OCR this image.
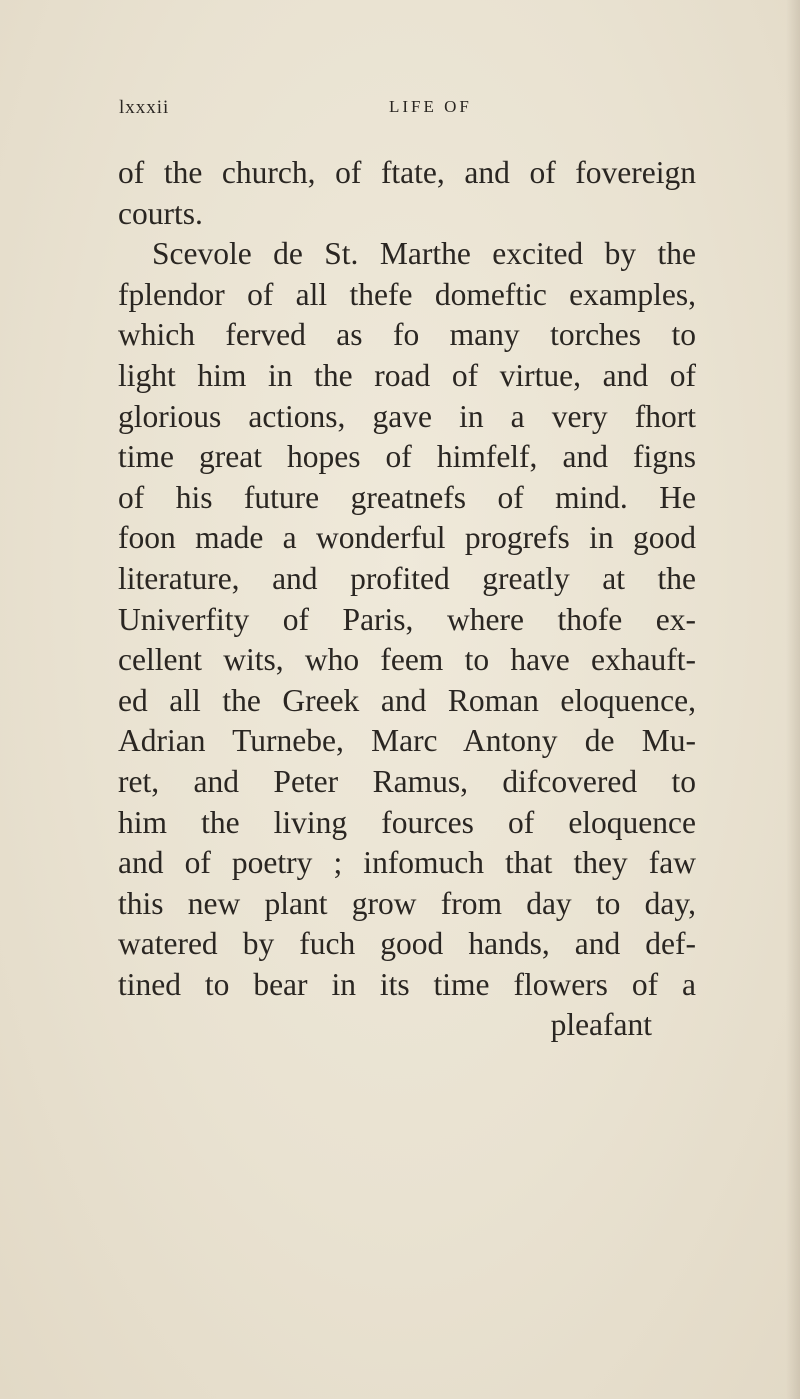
lxxxii	LIFE OF
of the church, of ftate, and of fovereign
courts.
Scevole de St. Marthe excited by the
fplendor of all thefe domeftic examples,
which ferved as fo many torches to
light him in the road of virtue, and of
glorious actions, gave in a very fhort
time great hopes of himfelf, and figns
of his future greatnefs of mind. He
foon made a wonderful progrefs in good
literature, and profited greatly at the
Univerfity of Paris, where thofe ex-
cellent wits, who feem to have exhauft-
ed all the Greek and Roman eloquence,
Adrian Turnebe, Marc Antony de Mu-
ret, and Peter Ramus, difcovered to
him the living fources of eloquence
and of poetry ; infomuch that they faw
this new plant grow from day to day,
watered by fuch good hands, and def-
tined to bear in its time flowers of a
pleafant
